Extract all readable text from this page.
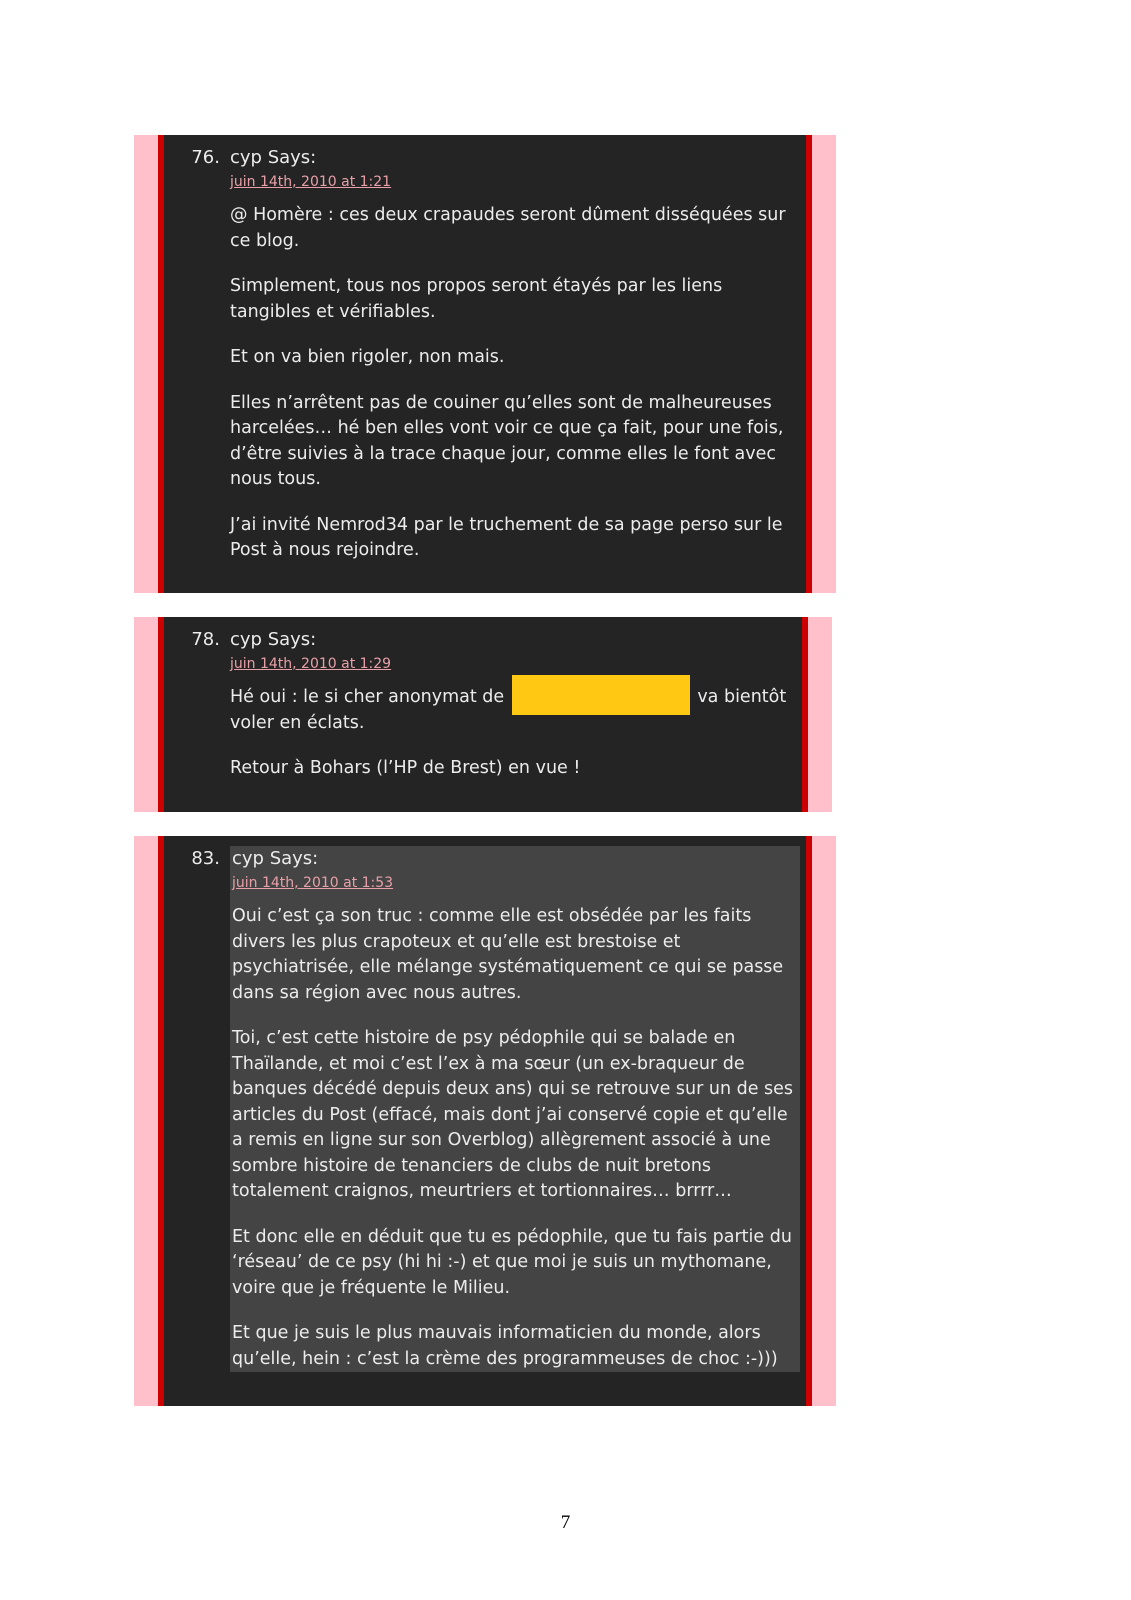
76. cyp Says:
juin 14th, 2010 at 1:21

@ Homère : ces deux crapaudes seront dûment disséquées sur ce blog.

Simplement, tous nos propos seront étayés par les liens tangibles et vérifiables.

Et on va bien rigoler, non mais.

Elles n’arrêtent pas de couiner qu’elles sont de malheureuses harcelées… hé ben elles vont voir ce que ça fait, pour une fois, d’être suivies à la trace chaque jour, comme elles le font avec nous tous.

J’ai invité Nemrod34 par le truchement de sa page perso sur le Post à nous rejoindre.

78. cyp Says:
juin 14th, 2010 at 1:29

Hé oui : le si cher anonymat de	va bientôt voler en éclats.

Retour à Bohars (l’HP de Brest) en vue !

83. cyp Says:
juin 14th, 2010 at 1:53

Oui c’est ça son truc : comme elle est obsédée par les faits divers les plus crapoteux et qu’elle est brestoise et psychiatrisée, elle mélange systématiquement ce qui se passe dans sa région avec nous autres.

Toi, c’est cette histoire de psy pédophile qui se balade en Thaïlande, et moi c’est l’ex à ma sœur (un ex-braqueur de banques décédé depuis deux ans) qui se retrouve sur un de ses articles du Post (effacé, mais dont j’ai conservé copie et qu’elle a remis en ligne sur son Overblog) allègrement associé à une sombre histoire de tenanciers de clubs de nuit bretons totalement craignos, meurtriers et tortionnaires… brrrr…

Et donc elle en déduit que tu es pédophile, que tu fais partie du ‘réseau’ de ce psy (hi hi :-) et que moi je suis un mythomane, voire que je fréquente le Milieu.

Et que je suis le plus mauvais informaticien du monde, alors qu’elle, hein : c’est la crème des programmeuses de choc :-)))

7
